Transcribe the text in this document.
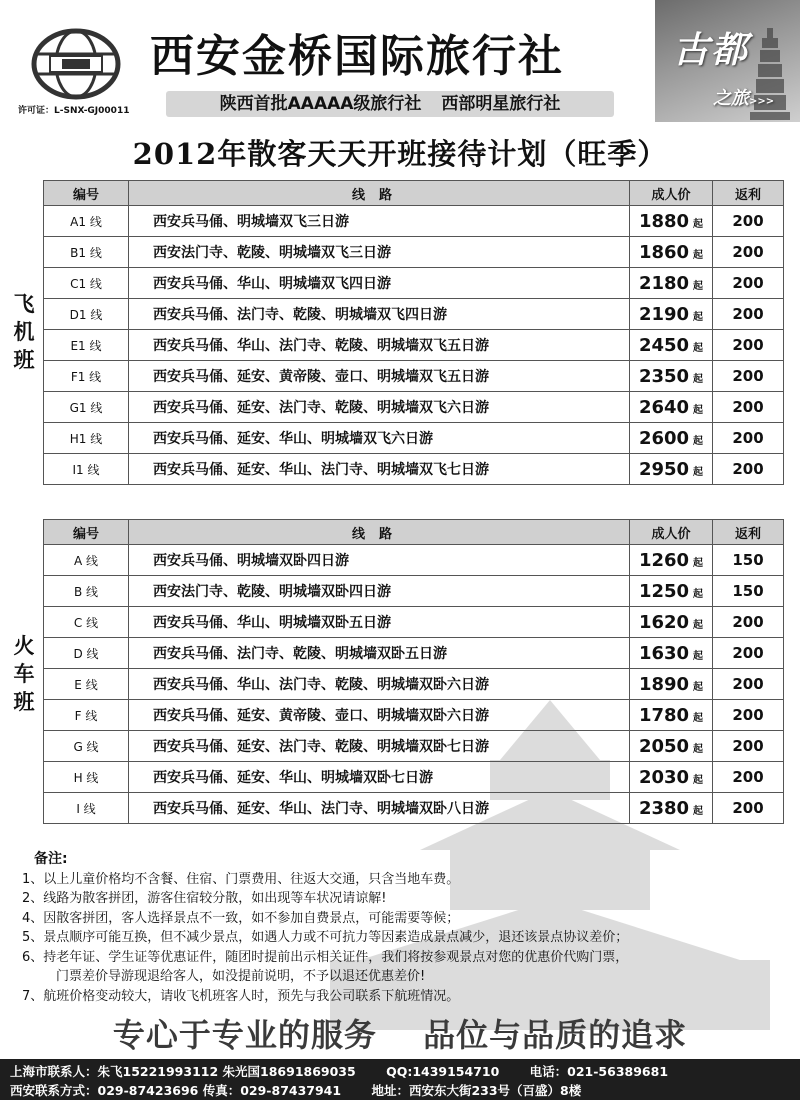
许可证：L-SNX-GJ00011
西安金桥国际旅行社
陕西首批AAAAA级旅行社 西部明星旅行社
古都
之旅>>>
2012年散客天天开班接待计划（旺季）
飞
机
班
编号	线路	成人价	返利
A1 线	西安兵马俑、明城墙双飞三日游	1880 起	200
B1 线	西安法门寺、乾陵、明城墙双飞三日游	1860 起	200
C1 线	西安兵马俑、华山、明城墙双飞四日游	2180 起	200
D1 线	西安兵马俑、法门寺、乾陵、明城墙双飞四日游	2190 起	200
E1 线	西安兵马俑、华山、法门寺、乾陵、明城墙双飞五日游	2450 起	200
F1 线	西安兵马俑、延安、黄帝陵、壶口、明城墙双飞五日游	2350 起	200
G1 线	西安兵马俑、延安、法门寺、乾陵、明城墙双飞六日游	2640 起	200
H1 线	西安兵马俑、延安、华山、明城墙双飞六日游	2600 起	200
I1 线	西安兵马俑、延安、华山、法门寺、明城墙双飞七日游	2950 起	200
火
车
班
编号	线路	成人价	返利
A 线	西安兵马俑、明城墙双卧四日游	1260 起	150
B 线	西安法门寺、乾陵、明城墙双卧四日游	1250 起	150
C 线	西安兵马俑、华山、明城墙双卧五日游	1620 起	200
D 线	西安兵马俑、法门寺、乾陵、明城墙双卧五日游	1630 起	200
E 线	西安兵马俑、华山、法门寺、乾陵、明城墙双卧六日游	1890 起	200
F 线	西安兵马俑、延安、黄帝陵、壶口、明城墙双卧六日游	1780 起	200
G 线	西安兵马俑、延安、法门寺、乾陵、明城墙双卧七日游	2050 起	200
H 线	西安兵马俑、延安、华山、明城墙双卧七日游	2030 起	200
I 线	西安兵马俑、延安、华山、法门寺、明城墙双卧八日游	2380 起	200
备注:
1、以上儿童价格均不含餐、住宿、门票费用、往返大交通，只含当地车费。
2、线路为散客拼团，游客住宿较分散，如出现等车状况请谅解!
4、因散客拼团，客人选择景点不一致，如不参加自费景点，可能需要等候；
5、景点顺序可能互换，但不减少景点，如遇人力或不可抗力等因素造成景点减少，退还该景点协议差价；
6、持老年证、学生证等优惠证件，随团时提前出示相关证件，我们将按参观景点对您的优惠价代购门票，
门票差价导游现退给客人，如没提前说明，不予以退还优惠差价!
7、航班价格变动较大，请收飞机班客人时，预先与我公司联系下航班情况。
专心于专业的服务 品位与品质的追求
上海市联系人：朱飞15221993112 朱光国18691869035 QQ:1439154710 电话：021-56389681
西安联系方式：029-87423696 传真：029-87437941 地址：西安东大街233号（百盛）8楼
